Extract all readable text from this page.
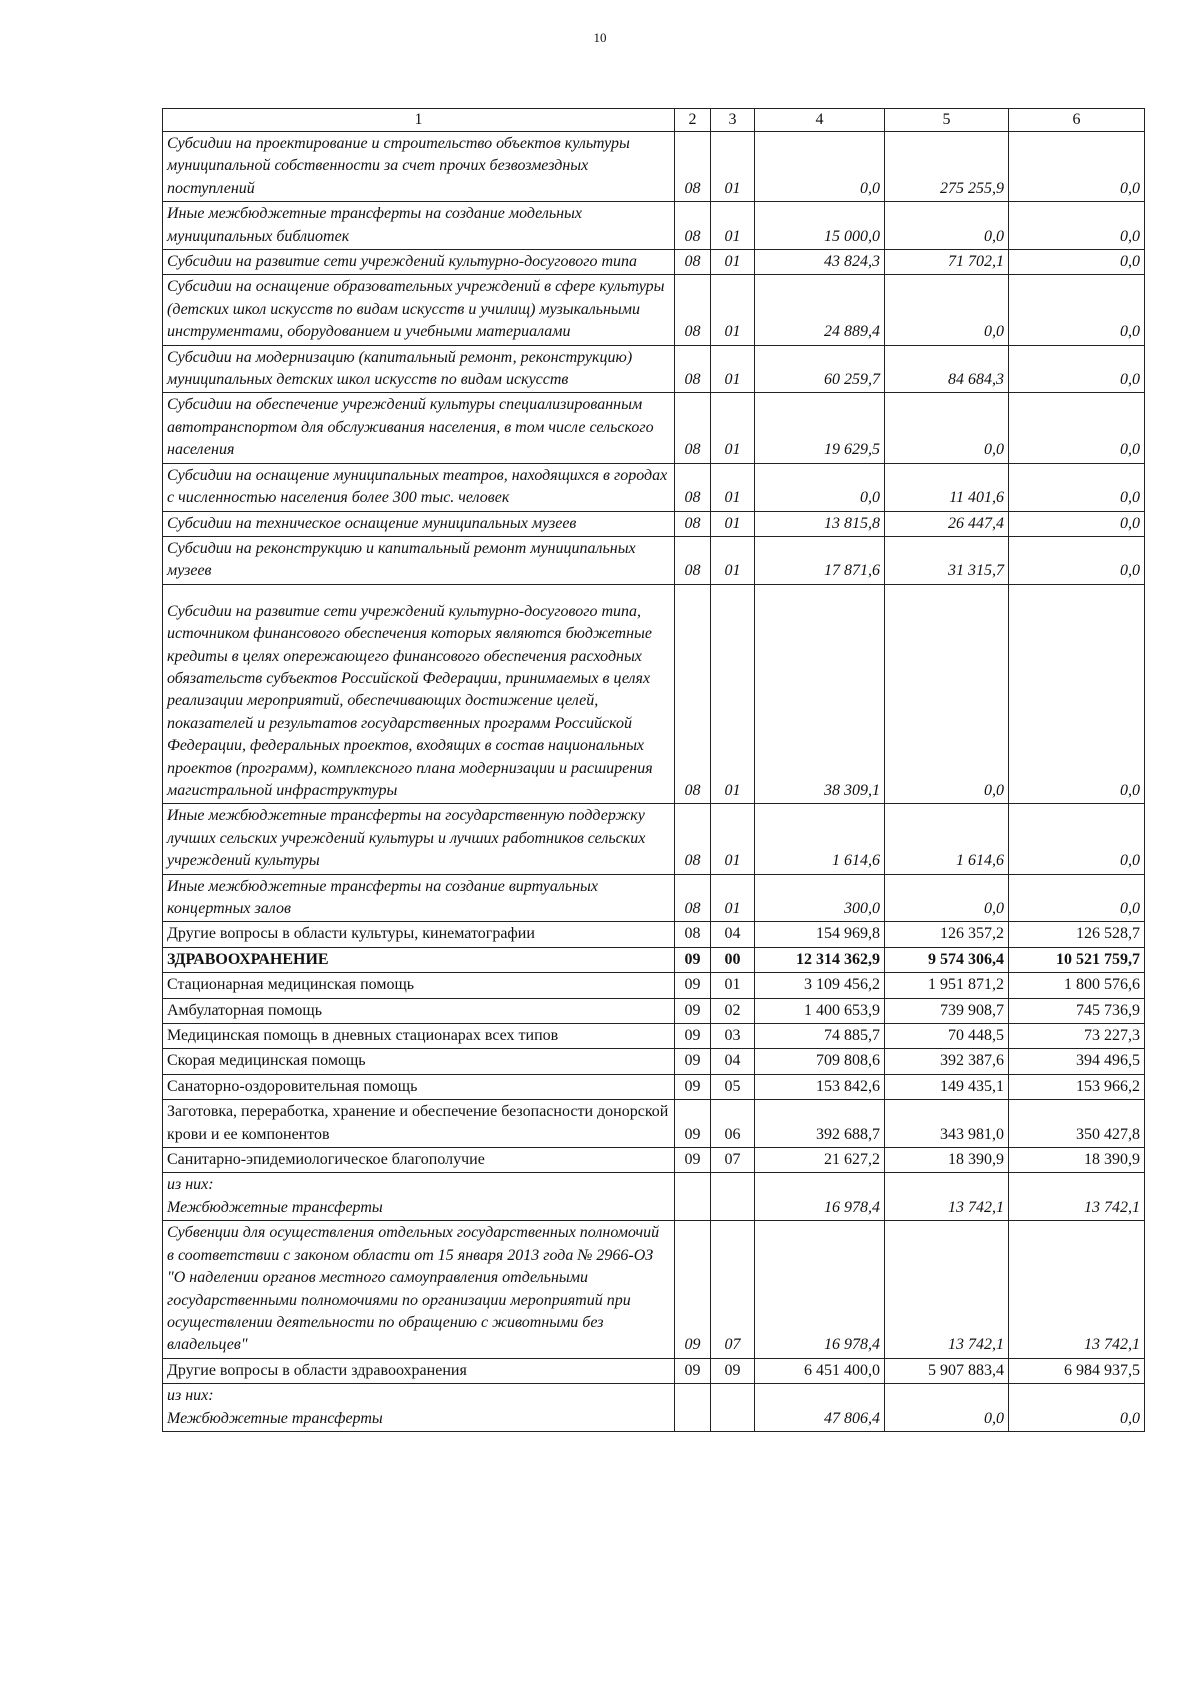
10
1	2	3	4	5	6
Субсидии на проектирование и строительство объектов культуры муниципальной собственности за счет прочих безвозмездных поступлений	08	01	0,0	275 255,9	0,0
Иные межбюджетные трансферты на создание модельных муниципальных библиотек	08	01	15 000,0	0,0	0,0
Субсидии на развитие сети учреждений культурно-досугового типа	08	01	43 824,3	71 702,1	0,0
Субсидии на оснащение образовательных учреждений в сфере культуры (детских школ искусств по видам искусств и училищ) музыкальными инструментами, оборудованием и учебными материалами	08	01	24 889,4	0,0	0,0
Субсидии на модернизацию (капитальный ремонт, реконструкцию) муниципальных детских школ искусств по видам искусств	08	01	60 259,7	84 684,3	0,0
Субсидии на обеспечение учреждений культуры специализированным автотранспортом для обслуживания населения, в том числе сельского населения	08	01	19 629,5	0,0	0,0
Субсидии на оснащение муниципальных театров, находящихся в городах с численностью населения более 300 тыс. человек	08	01	0,0	11 401,6	0,0
Субсидии на техническое оснащение муниципальных музеев	08	01	13 815,8	26 447,4	0,0
Субсидии на реконструкцию и капитальный ремонт муниципальных музеев	08	01	17 871,6	31 315,7	0,0
Субсидии на развитие сети учреждений культурно-досугового типа, источником финансового обеспечения которых являются бюджетные кредиты в целях опережающего финансового обеспечения расходных обязательств субъектов Российской Федерации, принимаемых в целях реализации мероприятий, обеспечивающих достижение целей, показателей и результатов государственных программ Российской Федерации, федеральных проектов, входящих в состав национальных проектов (программ), комплексного плана модернизации и расширения магистральной инфраструктуры	08	01	38 309,1	0,0	0,0
Иные межбюджетные трансферты на государственную поддержку лучших сельских учреждений культуры и лучших работников сельских учреждений культуры	08	01	1 614,6	1 614,6	0,0
Иные межбюджетные трансферты на создание виртуальных концертных залов	08	01	300,0	0,0	0,0
Другие вопросы в области культуры, кинематографии	08	04	154 969,8	126 357,2	126 528,7
ЗДРАВООХРАНЕНИЕ	09	00	12 314 362,9	9 574 306,4	10 521 759,7
Стационарная медицинская помощь	09	01	3 109 456,2	1 951 871,2	1 800 576,6
Амбулаторная помощь	09	02	1 400 653,9	739 908,7	745 736,9
Медицинская помощь в дневных стационарах всех типов	09	03	74 885,7	70 448,5	73 227,3
Скорая медицинская помощь	09	04	709 808,6	392 387,6	394 496,5
Санаторно-оздоровительная помощь	09	05	153 842,6	149 435,1	153 966,2
Заготовка, переработка, хранение и обеспечение безопасности донорской крови и ее компонентов	09	06	392 688,7	343 981,0	350 427,8
Санитарно-эпидемиологическое благополучие	09	07	21 627,2	18 390,9	18 390,9
из них:
Межбюджетные трансферты			16 978,4	13 742,1	13 742,1
Субвенции для осуществления отдельных государственных полномочий в соответствии с законом области от 15 января 2013 года № 2966-ОЗ "О наделении органов местного самоуправления отдельными государственными полномочиями по организации мероприятий при осуществлении деятельности по обращению с животными без владельцев"	09	07	16 978,4	13 742,1	13 742,1
Другие вопросы в области здравоохранения	09	09	6 451 400,0	5 907 883,4	6 984 937,5
из них:
Межбюджетные трансферты			47 806,4	0,0	0,0
